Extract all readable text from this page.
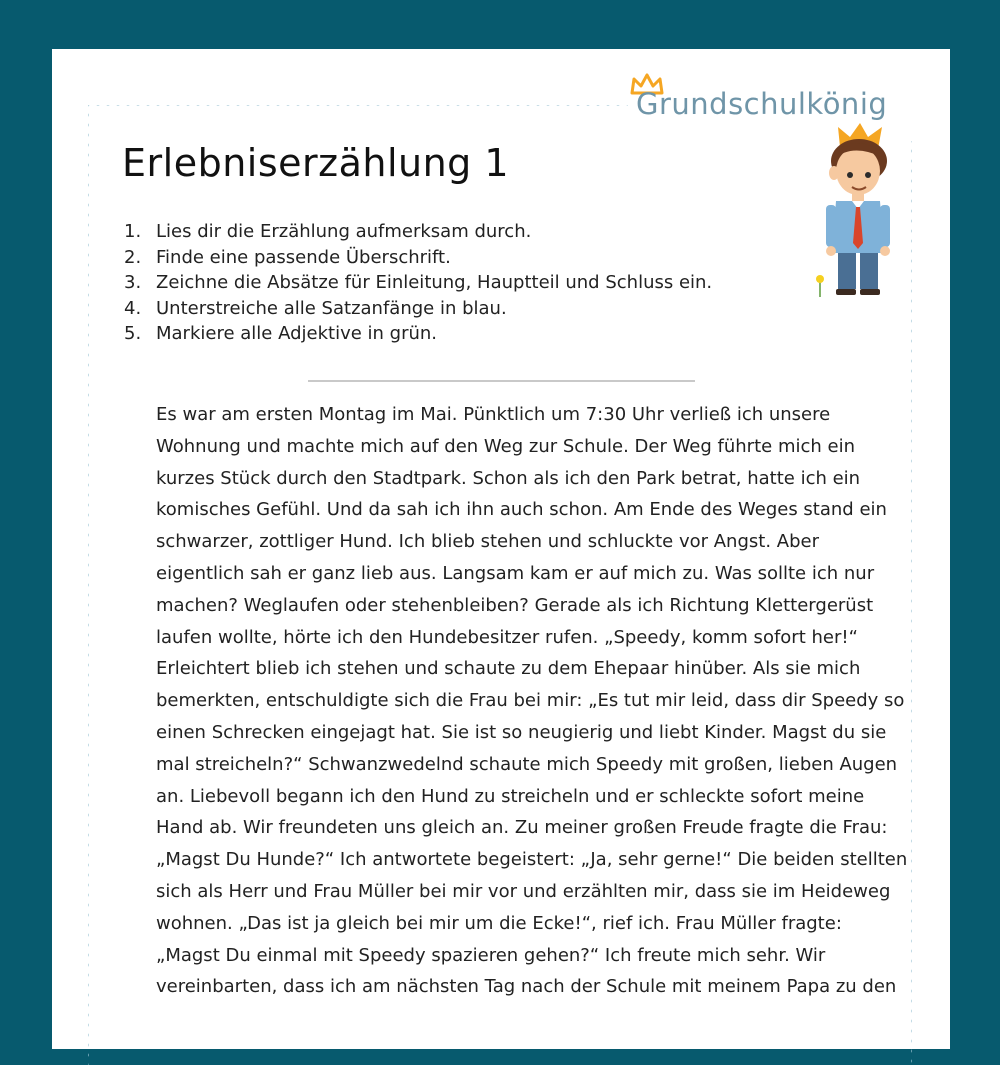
Grundschulkönig
Erlebniserzählung 1
1. Lies dir die Erzählung aufmerksam durch.
2. Finde eine passende Überschrift.
3. Zeichne die Absätze für Einleitung, Hauptteil und Schluss ein.
4. Unterstreiche alle Satzanfänge in blau.
5. Markiere alle Adjektive in grün.

Es war am ersten Montag im Mai. Pünktlich um 7:30 Uhr verließ ich unsere
Wohnung und machte mich auf den Weg zur Schule. Der Weg führte mich ein
kurzes Stück durch den Stadtpark. Schon als ich den Park betrat, hatte ich ein
komisches Gefühl. Und da sah ich ihn auch schon. Am Ende des Weges stand ein
schwarzer, zottliger Hund. Ich blieb stehen und schluckte vor Angst. Aber
eigentlich sah er ganz lieb aus. Langsam kam er auf mich zu. Was sollte ich nur
machen? Weglaufen oder stehenbleiben? Gerade als ich Richtung Klettergerüst
laufen wollte, hörte ich den Hundebesitzer rufen. „Speedy, komm sofort her!“
Erleichtert blieb ich stehen und schaute zu dem Ehepaar hinüber. Als sie mich
bemerkten, entschuldigte sich die Frau bei mir: „Es tut mir leid, dass dir Speedy so
einen Schrecken eingejagt hat. Sie ist so neugierig und liebt Kinder. Magst du sie
mal streicheln?“ Schwanzwedelnd schaute mich Speedy mit großen, lieben Augen
an. Liebevoll begann ich den Hund zu streicheln und er schleckte sofort meine
Hand ab. Wir freundeten uns gleich an. Zu meiner großen Freude fragte die Frau:
„Magst Du Hunde?“ Ich antwortete begeistert: „Ja, sehr gerne!“ Die beiden stellten
sich als Herr und Frau Müller bei mir vor und erzählten mir, dass sie im Heideweg
wohnen. „Das ist ja gleich bei mir um die Ecke!“, rief ich. Frau Müller fragte:
„Magst Du einmal mit Speedy spazieren gehen?“ Ich freute mich sehr. Wir
vereinbarten, dass ich am nächsten Tag nach der Schule mit meinem Papa zu den
